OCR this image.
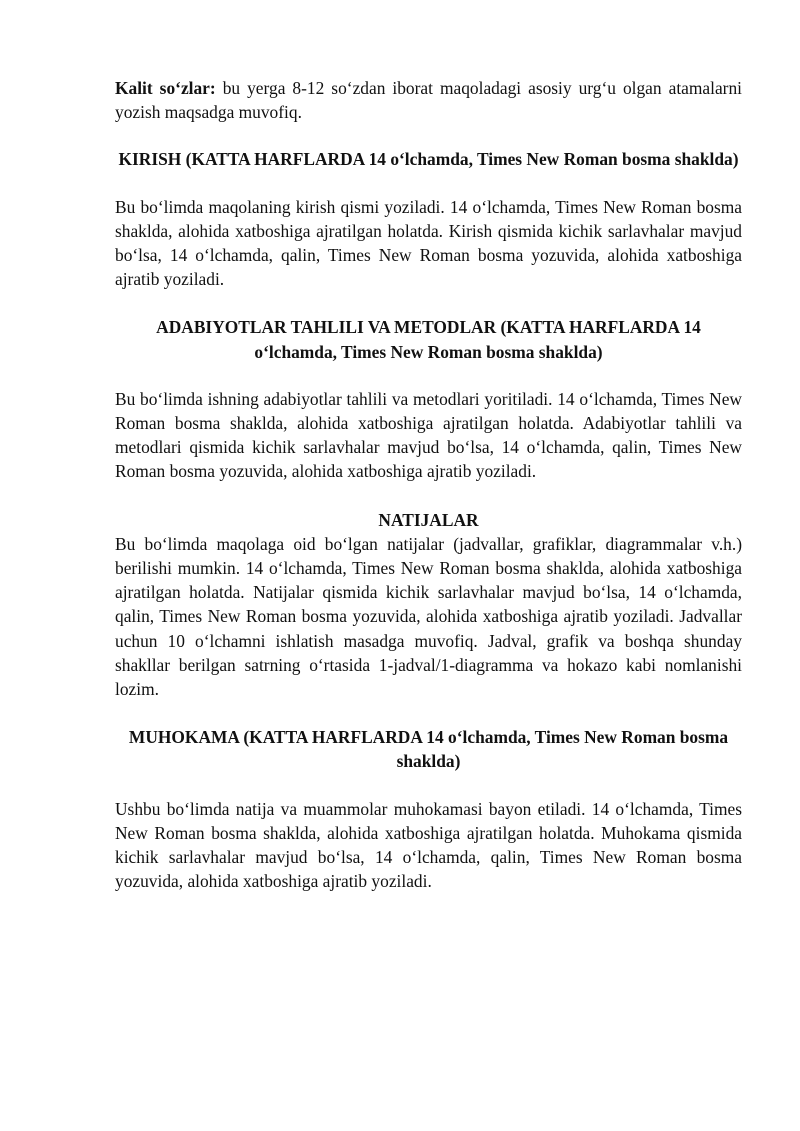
Kalit so‘zlar: bu yerga 8-12 so‘zdan iborat maqoladagi asosiy urg‘u olgan atamalarni yozish maqsadga muvofiq.

KIRISH (KATTA HARFLARDA 14 o‘lchamda, Times New Roman bosma shaklda)

Bu bo‘limda maqolaning kirish qismi yoziladi. 14 o‘lchamda, Times New Roman bosma shaklda, alohida xatboshiga ajratilgan holatda. Kirish qismida kichik sarlavhalar mavjud bo‘lsa, 14 o‘lchamda, qalin, Times New Roman bosma yozuvida, alohida xatboshiga ajratib yoziladi.

ADABIYOTLAR TAHLILI VA METODLAR (KATTA HARFLARDA 14 o‘lchamda, Times New Roman bosma shaklda)

Bu bo‘limda ishning adabiyotlar tahlili va metodlari yoritiladi. 14 o‘lchamda, Times New Roman bosma shaklda, alohida xatboshiga ajratilgan holatda. Adabiyotlar tahlili va metodlari qismida kichik sarlavhalar mavjud bo‘lsa, 14 o‘lchamda, qalin, Times New Roman bosma yozuvida, alohida xatboshiga ajratib yoziladi.

NATIJALAR

Bu bo‘limda maqolaga oid bo‘lgan natijalar (jadvallar, grafiklar, diagrammalar v.h.) berilishi mumkin. 14 o‘lchamda, Times New Roman bosma shaklda, alohida xatboshiga ajratilgan holatda. Natijalar qismida kichik sarlavhalar mavjud bo‘lsa, 14 o‘lchamda, qalin, Times New Roman bosma yozuvida, alohida xatboshiga ajratib yoziladi. Jadvallar uchun 10 o‘lchamni ishlatish masadga muvofiq. Jadval, grafik va boshqa shunday shakllar berilgan satrning o‘rtasida 1-jadval/1-diagramma va hokazo kabi nomlanishi lozim.

MUHOKAMA (KATTA HARFLARDA 14 o‘lchamda, Times New Roman bosma shaklda)

Ushbu bo‘limda natija va muammolar muhokamasi bayon etiladi. 14 o‘lchamda, Times New Roman bosma shaklda, alohida xatboshiga ajratilgan holatda. Muhokama qismida kichik sarlavhalar mavjud bo‘lsa, 14 o‘lchamda, qalin, Times New Roman bosma yozuvida, alohida xatboshiga ajratib yoziladi.
